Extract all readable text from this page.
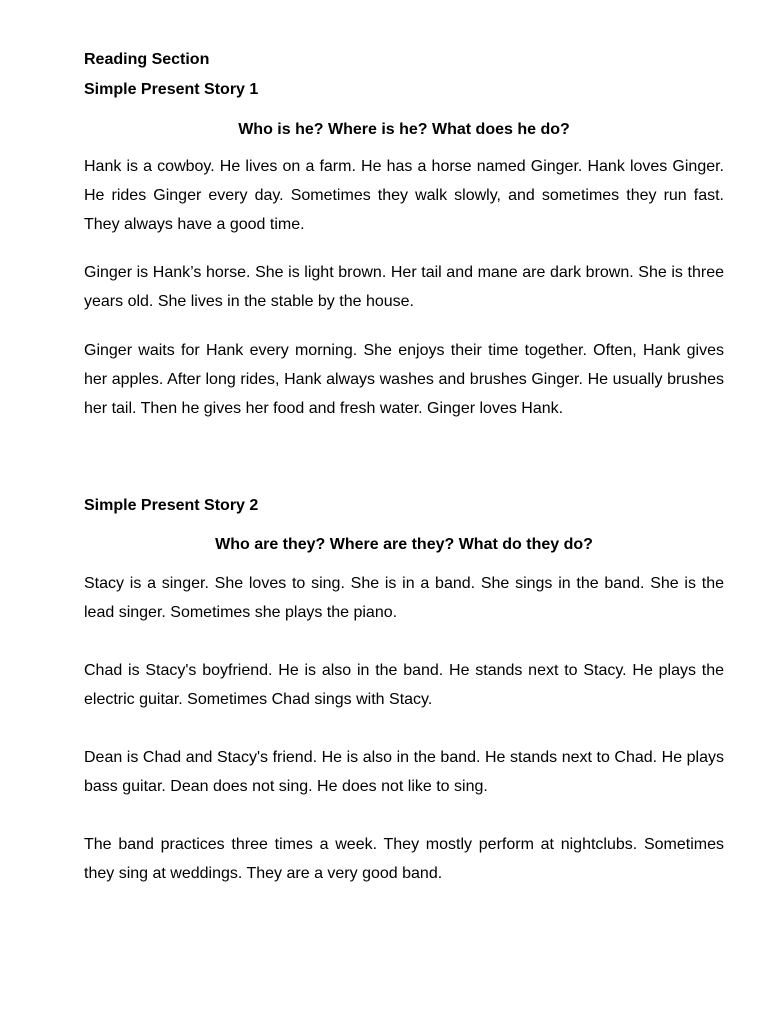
Reading Section

Simple Present Story 1

Who is he? Where is he? What does he do?

Hank is a cowboy. He lives on a farm. He has a horse named Ginger. Hank loves Ginger. He rides Ginger every day. Sometimes they walk slowly, and sometimes they run fast. They always have a good time.

Ginger is Hank’s horse. She is light brown. Her tail and mane are dark brown. She is three years old. She lives in the stable by the house.

Ginger waits for Hank every morning. She enjoys their time together. Often, Hank gives her apples. After long rides, Hank always washes and brushes Ginger. He usually brushes her tail. Then he gives her food and fresh water. Ginger loves Hank.

Simple Present Story 2

Who are they? Where are they? What do they do?

Stacy is a singer. She loves to sing. She is in a band. She sings in the band. She is the lead singer. Sometimes she plays the piano.

Chad is Stacy's boyfriend. He is also in the band. He stands next to Stacy. He plays the electric guitar. Sometimes Chad sings with Stacy.

Dean is Chad and Stacy's friend. He is also in the band. He stands next to Chad. He plays bass guitar. Dean does not sing. He does not like to sing.

The band practices three times a week. They mostly perform at nightclubs. Sometimes they sing at weddings. They are a very good band.
